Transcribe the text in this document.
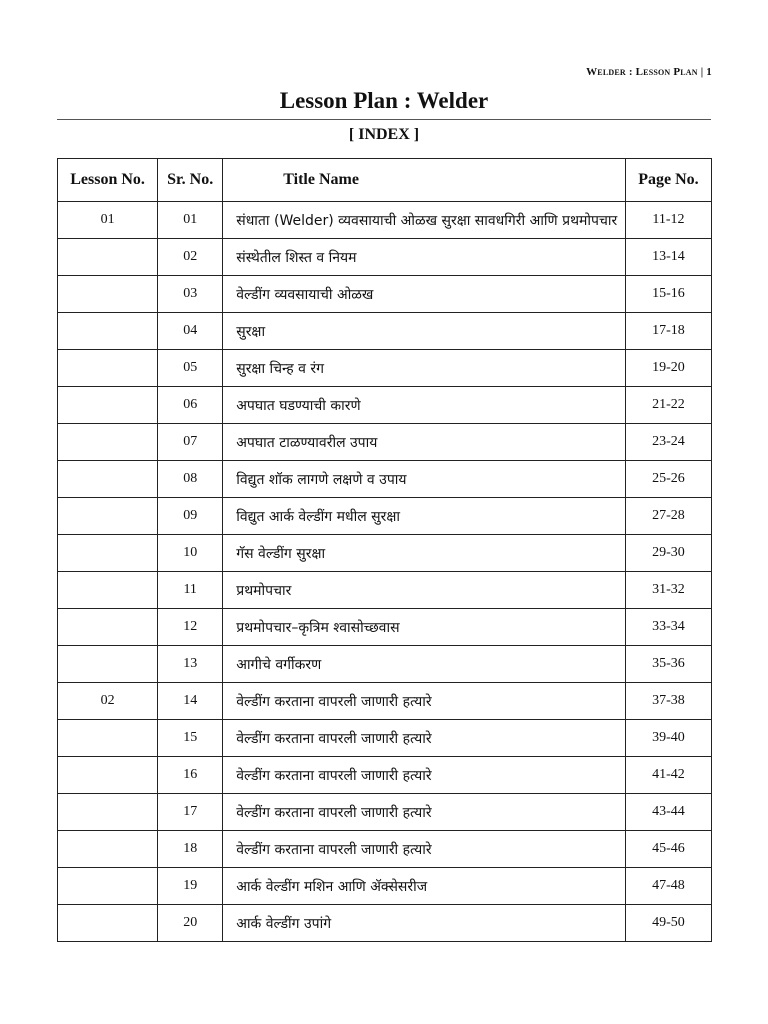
Welder : Lesson Plan | 1
Lesson Plan : Welder
[ INDEX ]
Lesson No.	Sr. No.	Title Name	Page No.
01	01	संधाता (Welder) व्यवसायाची ओळख सुरक्षा सावधगिरी आणि प्रथमोपचार	11-12
	02	संस्थेतील शिस्त व नियम	13-14
	03	वेल्डींग व्यवसायाची ओळख	15-16
	04	सुरक्षा	17-18
	05	सुरक्षा चिन्ह व रंग	19-20
	06	अपघात घडण्याची कारणे	21-22
	07	अपघात टाळण्यावरील उपाय	23-24
	08	विद्युत शॉक लागणे लक्षणे व उपाय	25-26
	09	विद्युत आर्क वेल्डींग मधील सुरक्षा	27-28
	10	गॅस वेल्डींग सुरक्षा	29-30
	11	प्रथमोपचार	31-32
	12	प्रथमोपचार–कृत्रिम श्वासोच्छवास	33-34
	13	आगीचे वर्गीकरण	35-36
02	14	वेल्डींग करताना वापरली जाणारी हत्यारे	37-38
	15	वेल्डींग करताना वापरली जाणारी हत्यारे	39-40
	16	वेल्डींग करताना वापरली जाणारी हत्यारे	41-42
	17	वेल्डींग करताना वापरली जाणारी हत्यारे	43-44
	18	वेल्डींग करताना वापरली जाणारी हत्यारे	45-46
	19	आर्क वेल्डींग मशिन आणि ॲक्सेसरीज	47-48
	20	आर्क वेल्डींग उपांगे	49-50
